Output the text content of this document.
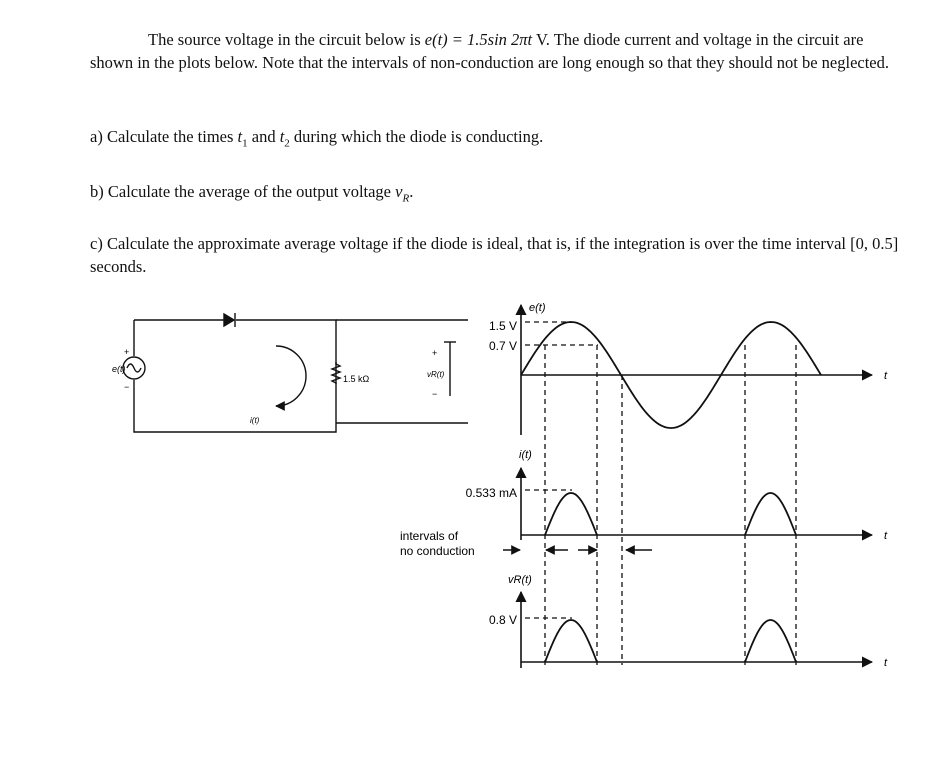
The source voltage in the circuit below is e(t) = 1.5sin 2πt V. The diode current and voltage in the circuit are shown in the plots below. Note that the intervals of non-conduction are long enough so that they should not be neglected.
a) Calculate the times $t_1$ and $t_2$ during which the diode is conducting.
b) Calculate the average of the output voltage $v_R$.
c) Calculate the approximate average voltage if the diode is ideal, that is, if the integration is over the time interval [0, 0.5] seconds.
e(t)
+
−
i(t)
1.5 kΩ
+
−
vR(t)
e(t)
1.5 V
0.7 V
t
i(t)
0.533 mA
t
intervals of
no conduction
vR(t)
0.8 V
t
